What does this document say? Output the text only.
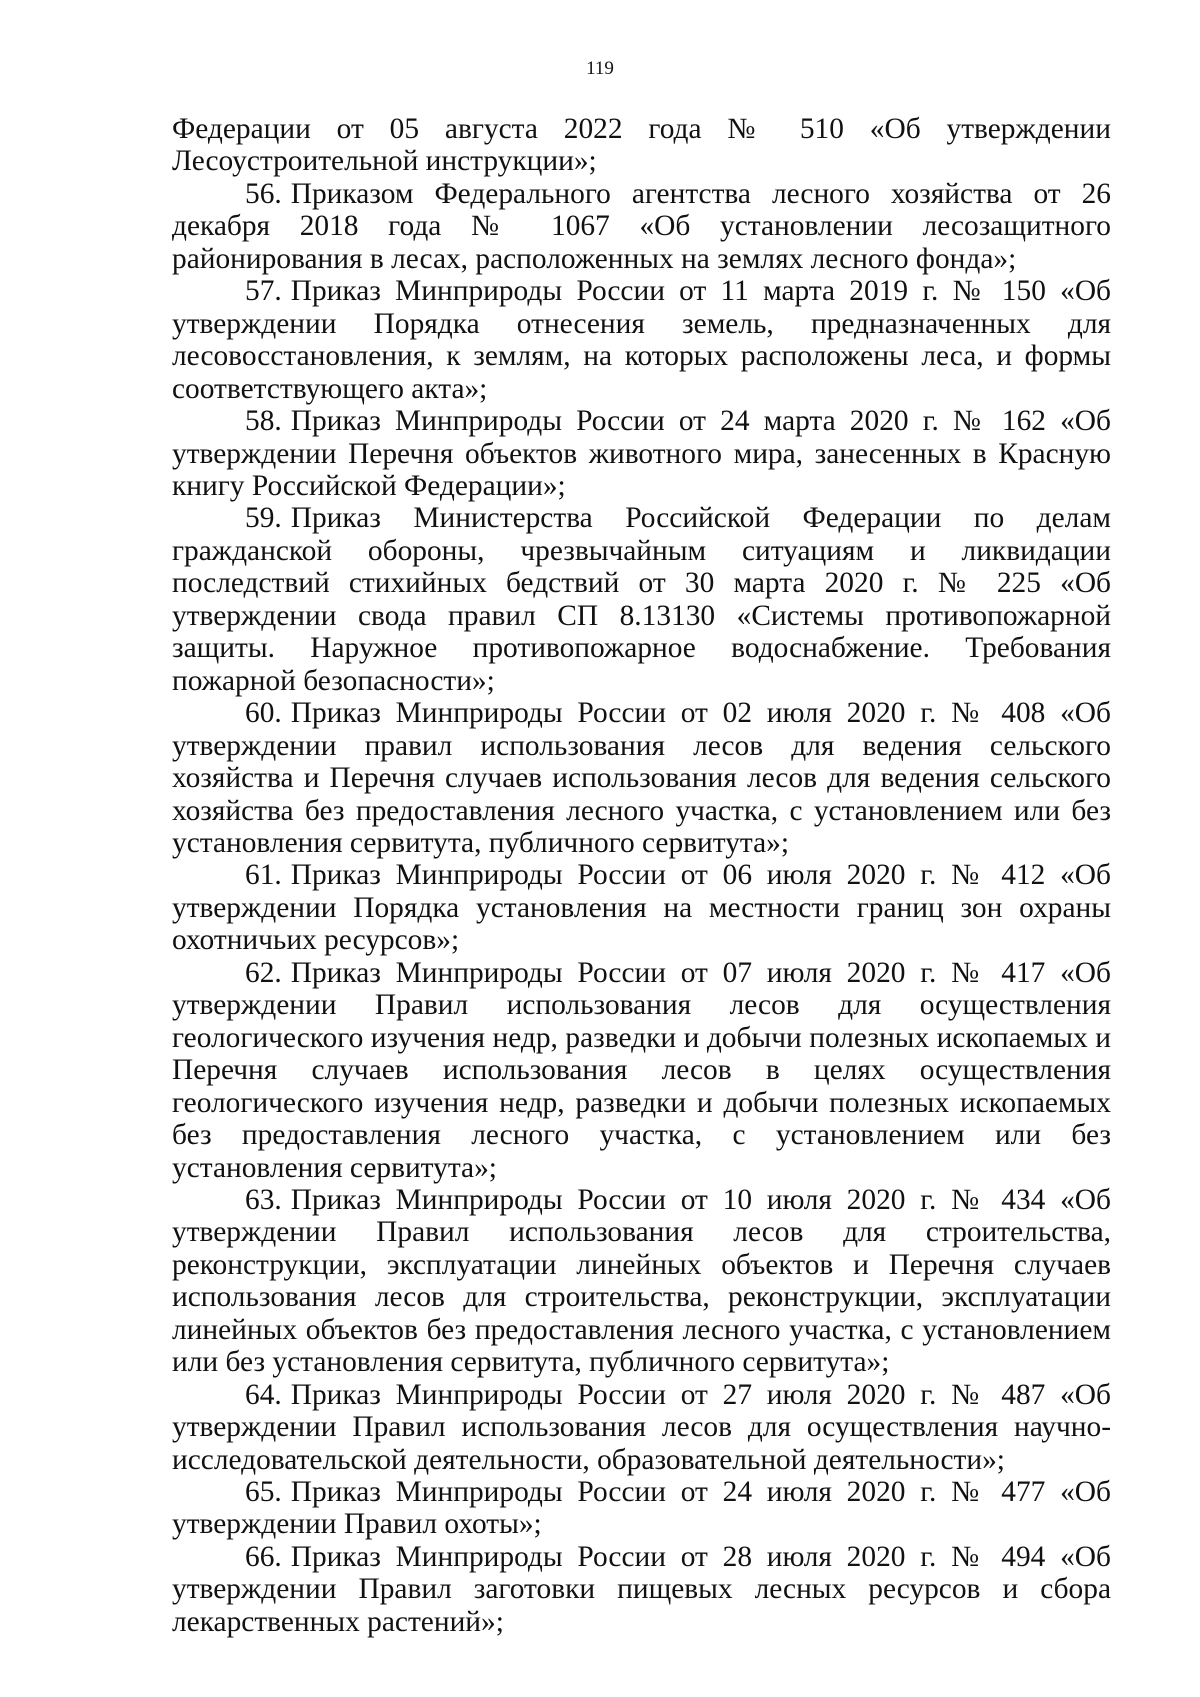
119

Федерации от 05 августа 2022 года № 510 «Об утверждении Лесоустроительной инструкции»;

56. Приказом Федерального агентства лесного хозяйства от 26 декабря 2018 года № 1067 «Об установлении лесозащитного районирования в лесах, расположенных на землях лесного фонда»;

57. Приказ Минприроды России от 11 марта 2019 г. № 150 «Об утверждении Порядка отнесения земель, предназначенных для лесовосстановления, к землям, на которых расположены леса, и формы соответствующего акта»;

58. Приказ Минприроды России от 24 марта 2020 г. № 162 «Об утверждении Перечня объектов животного мира, занесенных в Красную книгу Российской Федерации»;

59. Приказ Министерства Российской Федерации по делам гражданской обороны, чрезвычайным ситуациям и ликвидации последствий стихийных бедствий от 30 марта 2020 г. № 225 «Об утверждении свода правил СП 8.13130 «Системы противопожарной защиты. Наружное противопожарное водоснабжение. Требования пожарной безопасности»;

60. Приказ Минприроды России от 02 июля 2020 г. № 408 «Об утверждении правил использования лесов для ведения сельского хозяйства и Перечня случаев использования лесов для ведения сельского хозяйства без предоставления лесного участка, с установлением или без установления сервитута, публичного сервитута»;

61. Приказ Минприроды России от 06 июля 2020 г. № 412 «Об утверждении Порядка установления на местности границ зон охраны охотничьих ресурсов»;

62. Приказ Минприроды России от 07 июля 2020 г. № 417 «Об утверждении Правил использования лесов для осуществления геологического изучения недр, разведки и добычи полезных ископаемых и Перечня случаев использования лесов в целях осуществления геологического изучения недр, разведки и добычи полезных ископаемых без предоставления лесного участка, с установлением или без установления сервитута»;

63. Приказ Минприроды России от 10 июля 2020 г. № 434 «Об утверждении Правил использования лесов для строительства, реконструкции, эксплуатации линейных объектов и Перечня случаев использования лесов для строительства, реконструкции, эксплуатации линейных объектов без предоставления лесного участка, с установлением или без установления сервитута, публичного сервитута»;

64. Приказ Минприроды России от 27 июля 2020 г. № 487 «Об утверждении Правил использования лесов для осуществления научно-исследовательской деятельности, образовательной деятельности»;

65. Приказ Минприроды России от 24 июля 2020 г. № 477 «Об утверждении Правил охоты»;

66. Приказ Минприроды России от 28 июля 2020 г. № 494 «Об утверждении Правил заготовки пищевых лесных ресурсов и сбора лекарственных растений»;
